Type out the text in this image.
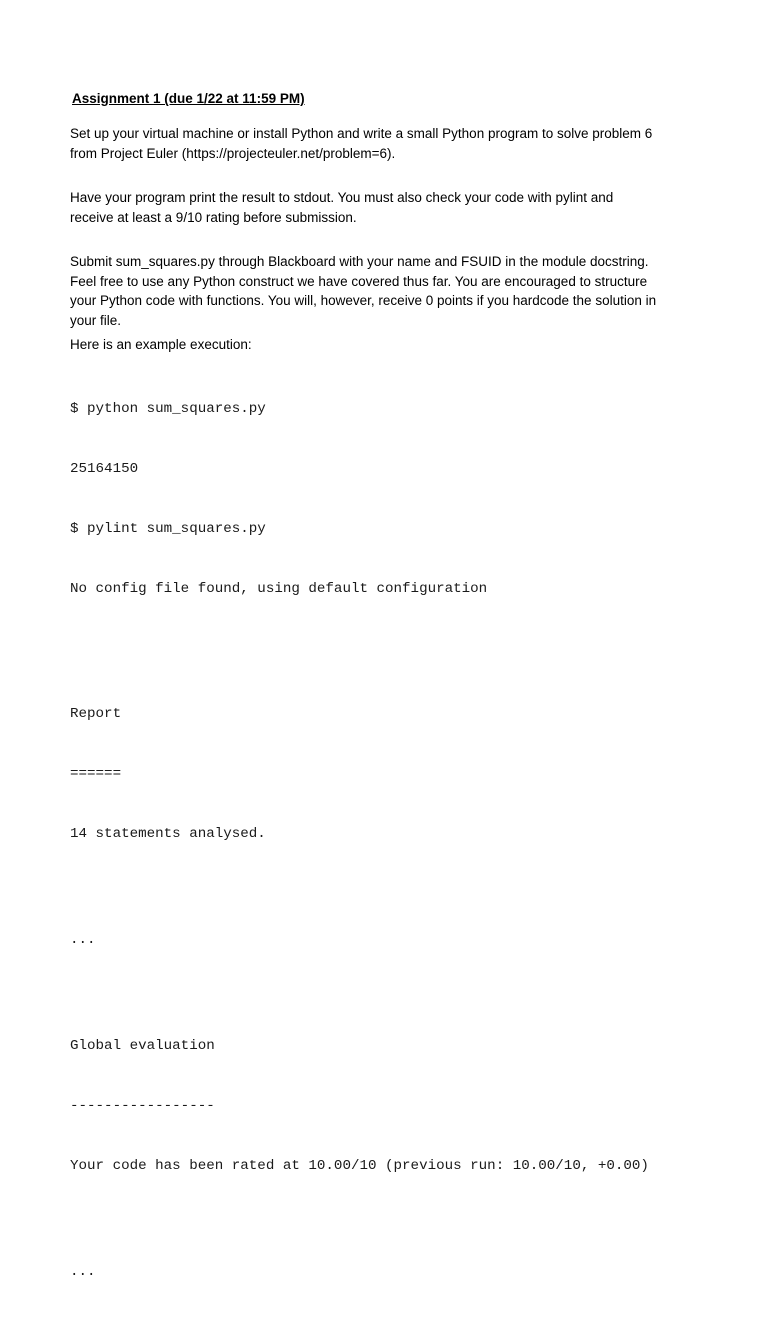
Assignment 1 (due 1/22 at 11:59 PM)

Set up your virtual machine or install Python and write a small Python program to solve problem 6 from Project Euler (https://projecteuler.net/problem=6).

Have your program print the result to stdout. You must also check your code with pylint and receive at least a 9/10 rating before submission.

Submit sum_squares.py through Blackboard with your name and FSUID in the module docstring. Feel free to use any Python construct we have covered thus far. You are encouraged to structure your Python code with functions. You will, however, receive 0 points if you hardcode the solution in your file.

Here is an example execution:

$ python sum_squares.py

25164150

$ pylint sum_squares.py

No config file found, using default configuration

Report

======

14 statements analysed.

...

Global evaluation

-----------------

Your code has been rated at 10.00/10 (previous run: 10.00/10, +0.00)

...
